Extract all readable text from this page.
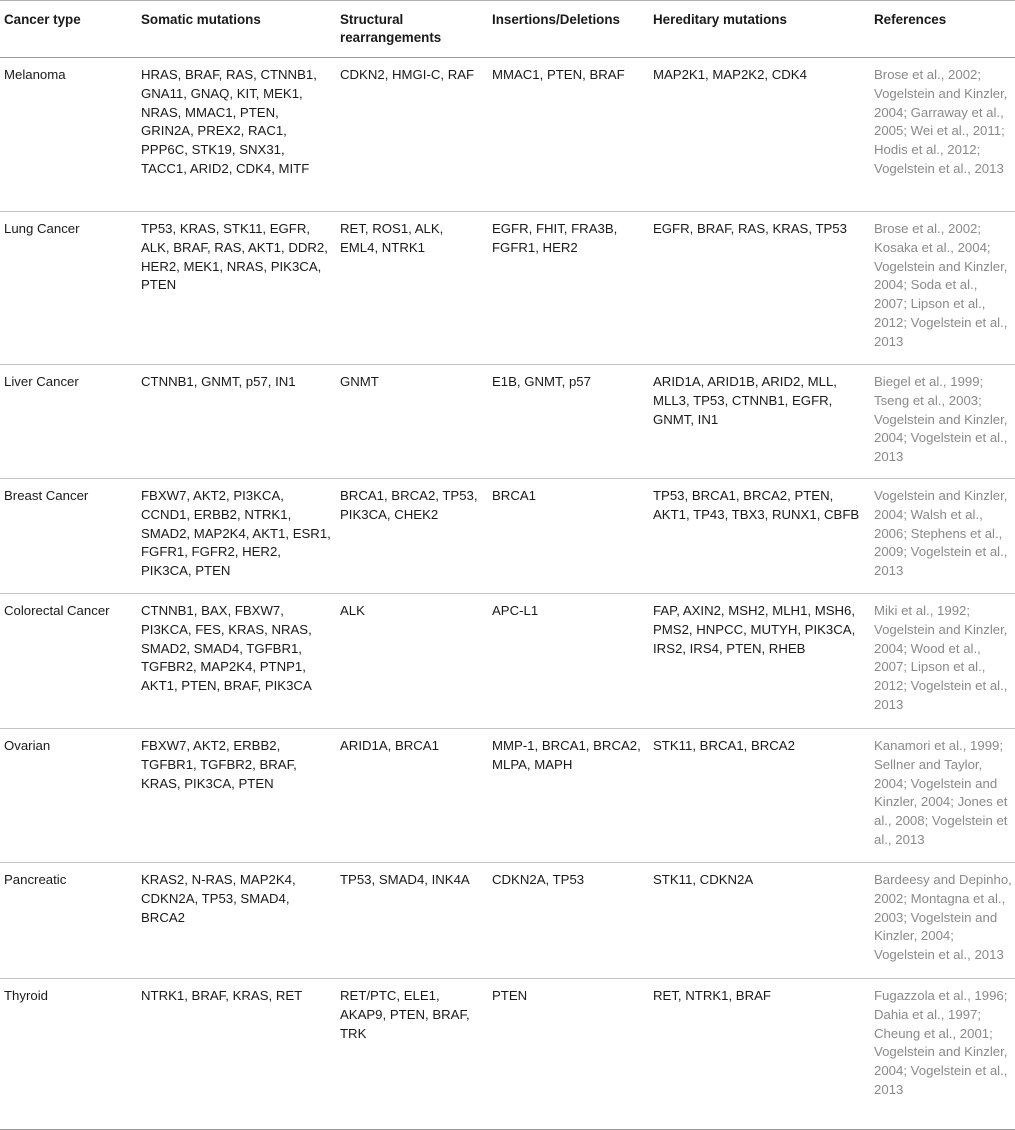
Cancer type	Somatic mutations	Structural rearrangements	Insertions/Deletions	Hereditary mutations	References
Melanoma	HRAS, BRAF, RAS, CTNNB1, GNA11, GNAQ, KIT, MEK1, NRAS, MMAC1, PTEN, GRIN2A, PREX2, RAC1, PPP6C, STK19, SNX31, TACC1, ARID2, CDK4, MITF	CDKN2, HMGI-C, RAF	MMAC1, PTEN, BRAF	MAP2K1, MAP2K2, CDK4	Brose et al., 2002; Vogelstein and Kinzler, 2004; Garraway et al., 2005; Wei et al., 2011; Hodis et al., 2012; Vogelstein et al., 2013
Lung Cancer	TP53, KRAS, STK11, EGFR, ALK, BRAF, RAS, AKT1, DDR2, HER2, MEK1, NRAS, PIK3CA, PTEN	RET, ROS1, ALK, EML4, NTRK1	EGFR, FHIT, FRA3B, FGFR1, HER2	EGFR, BRAF, RAS, KRAS, TP53	Brose et al., 2002; Kosaka et al., 2004; Vogelstein and Kinzler, 2004; Soda et al., 2007; Lipson et al., 2012; Vogelstein et al., 2013
Liver Cancer	CTNNB1, GNMT, p57, IN1	GNMT	E1B, GNMT, p57	ARID1A, ARID1B, ARID2, MLL, MLL3, TP53, CTNNB1, EGFR, GNMT, IN1	Biegel et al., 1999; Tseng et al., 2003; Vogelstein and Kinzler, 2004; Vogelstein et al., 2013
Breast Cancer	FBXW7, AKT2, PI3KCA, CCND1, ERBB2, NTRK1, SMAD2, MAP2K4, AKT1, ESR1, FGFR1, FGFR2, HER2, PIK3CA, PTEN	BRCA1, BRCA2, TP53, PIK3CA, CHEK2	BRCA1	TP53, BRCA1, BRCA2, PTEN, AKT1, TP43, TBX3, RUNX1, CBFB	Vogelstein and Kinzler, 2004; Walsh et al., 2006; Stephens et al., 2009; Vogelstein et al., 2013
Colorectal Cancer	CTNNB1, BAX, FBXW7, PI3KCA, FES, KRAS, NRAS, SMAD2, SMAD4, TGFBR1, TGFBR2, MAP2K4, PTNP1, AKT1, PTEN, BRAF, PIK3CA	ALK	APC-L1	FAP, AXIN2, MSH2, MLH1, MSH6, PMS2, HNPCC, MUTYH, PIK3CA, IRS2, IRS4, PTEN, RHEB	Miki et al., 1992; Vogelstein and Kinzler, 2004; Wood et al., 2007; Lipson et al., 2012; Vogelstein et al., 2013
Ovarian	FBXW7, AKT2, ERBB2, TGFBR1, TGFBR2, BRAF, KRAS, PIK3CA, PTEN	ARID1A, BRCA1	MMP-1, BRCA1, BRCA2, MLPA, MAPH	STK11, BRCA1, BRCA2	Kanamori et al., 1999; Sellner and Taylor, 2004; Vogelstein and Kinzler, 2004; Jones et al., 2008; Vogelstein et al., 2013
Pancreatic	KRAS2, N-RAS, MAP2K4, CDKN2A, TP53, SMAD4, BRCA2	TP53, SMAD4, INK4A	CDKN2A, TP53	STK11, CDKN2A	Bardeesy and Depinho, 2002; Montagna et al., 2003; Vogelstein and Kinzler, 2004; Vogelstein et al., 2013
Thyroid	NTRK1, BRAF, KRAS, RET	RET/PTC, ELE1, AKAP9, PTEN, BRAF, TRK	PTEN	RET, NTRK1, BRAF	Fugazzola et al., 1996; Dahia et al., 1997; Cheung et al., 2001; Vogelstein and Kinzler, 2004; Vogelstein et al., 2013
